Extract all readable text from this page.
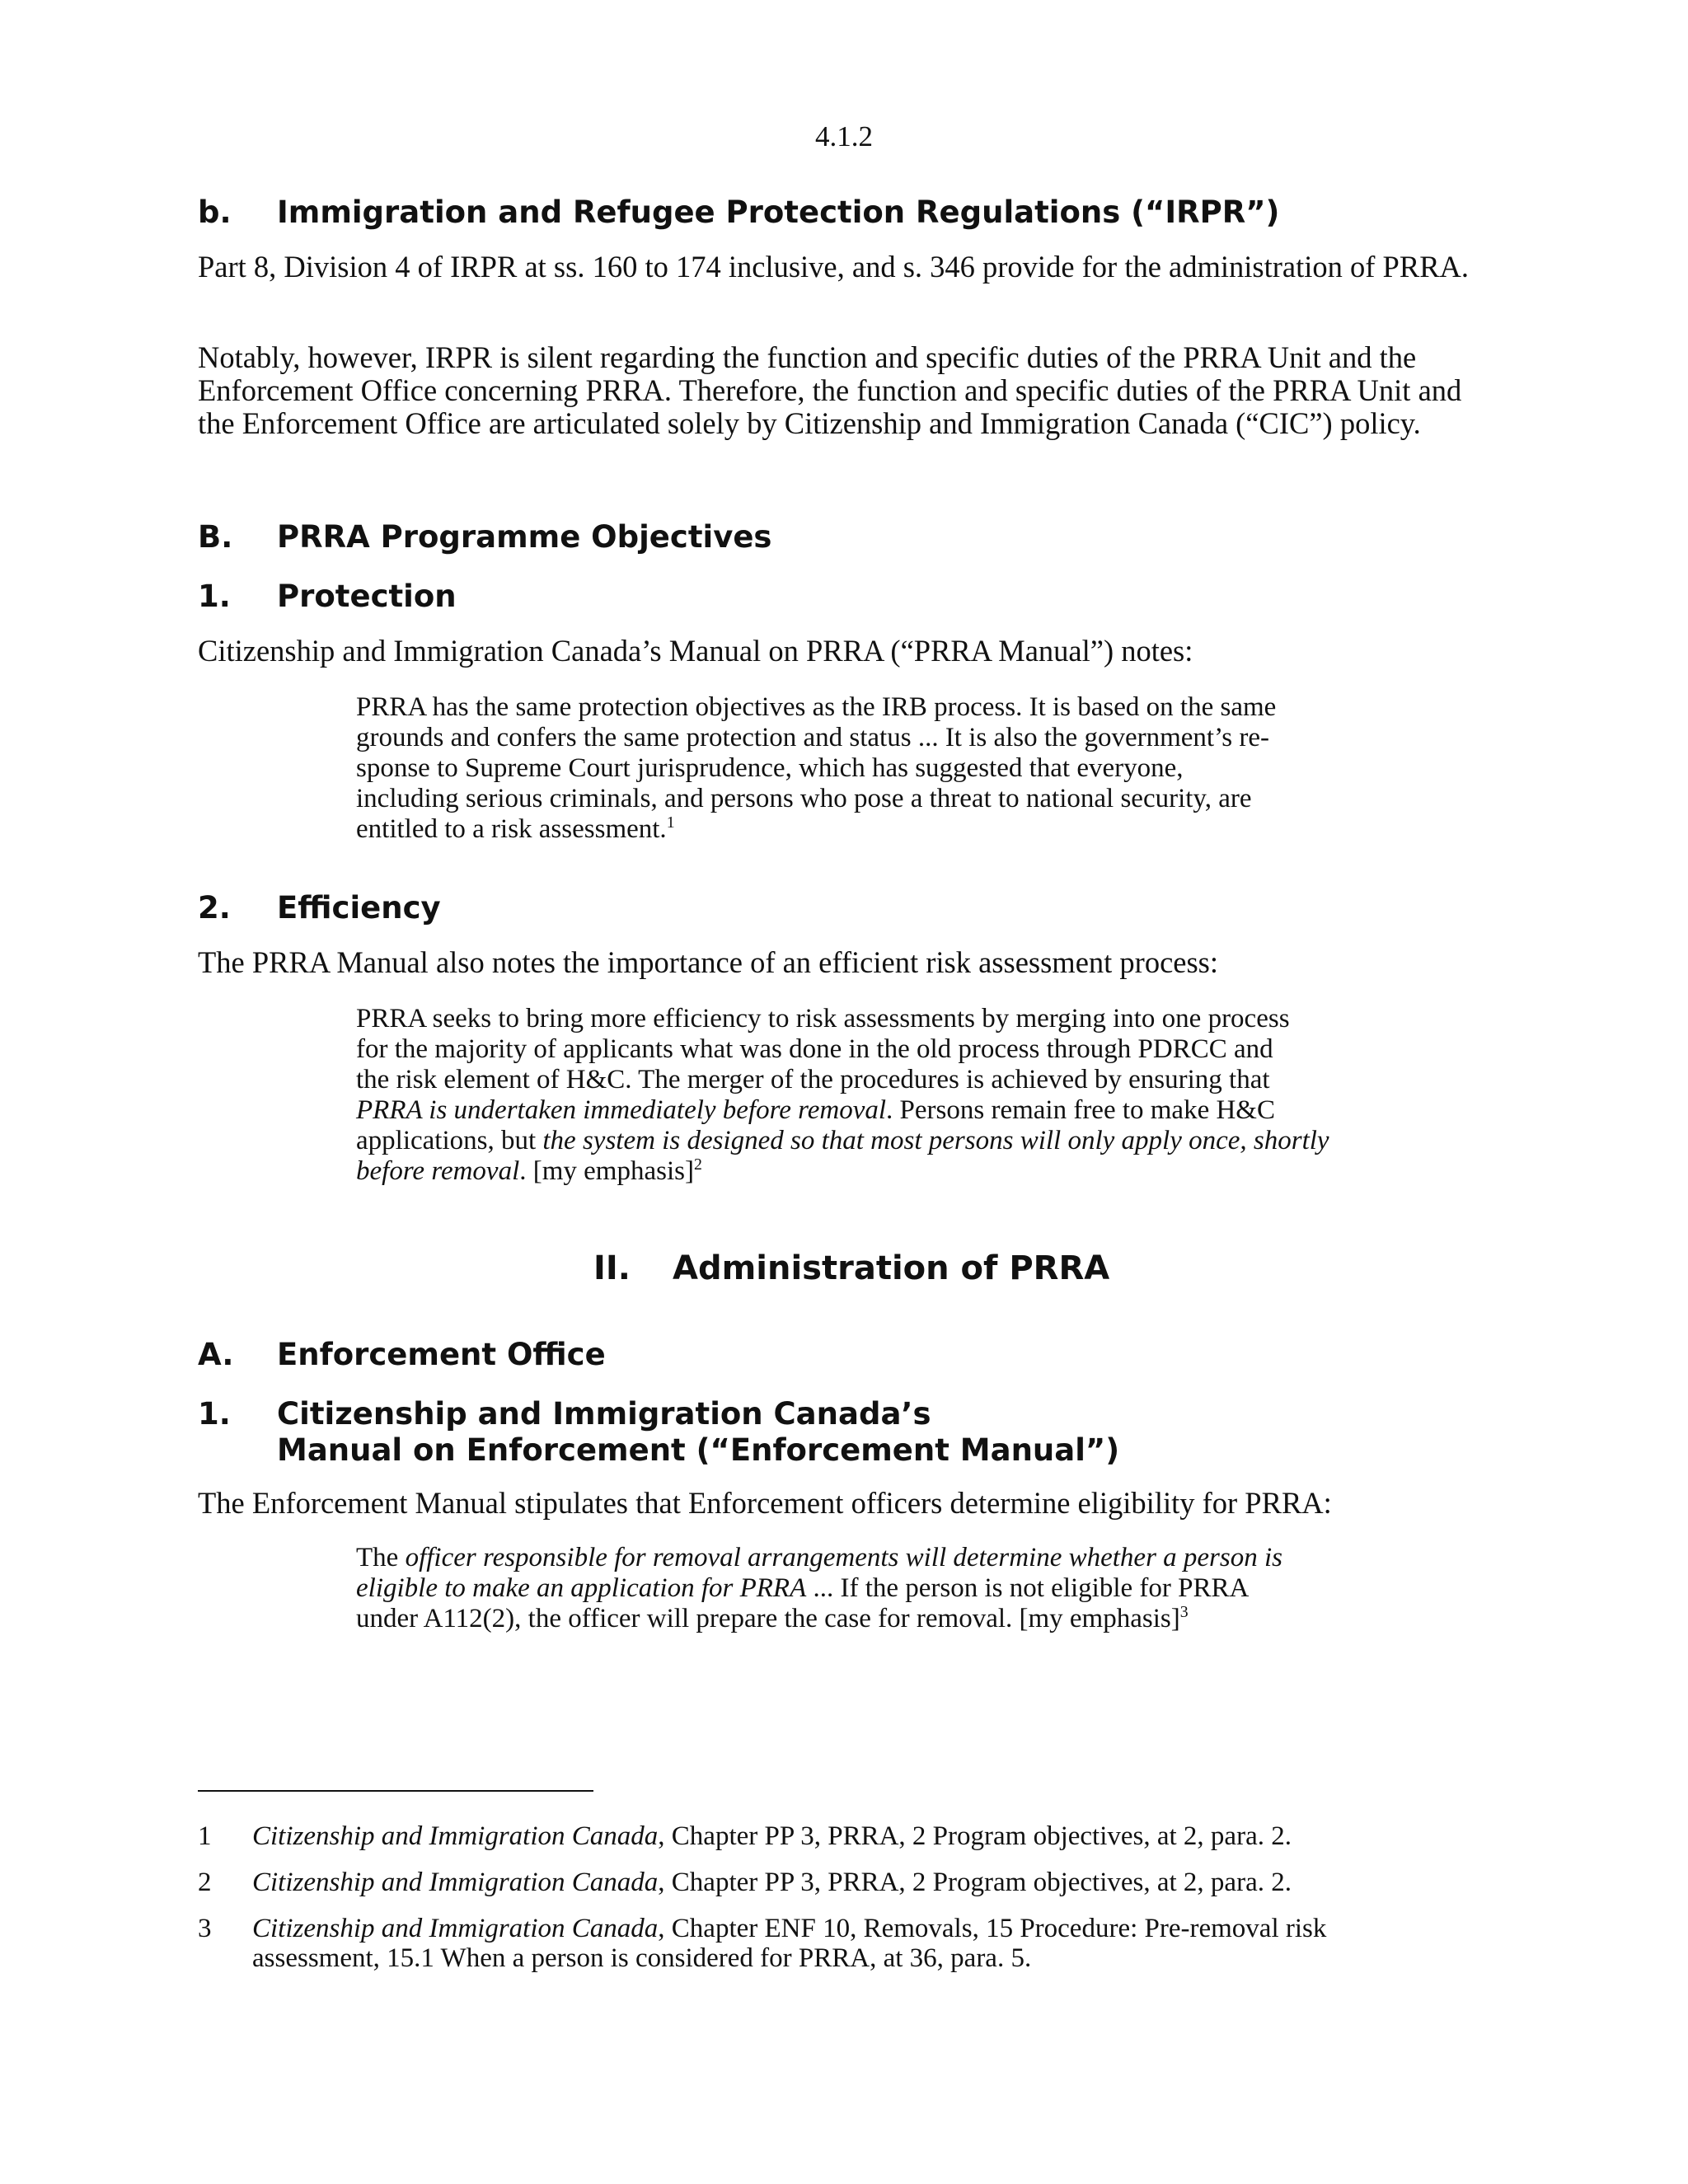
4.1.2
b. Immigration and Refugee Protection Regulations (“IRPR”)
Part 8, Division 4 of IRPR at ss. 160 to 174 inclusive, and s. 346 provide for the administration of PRRA.
Notably, however, IRPR is silent regarding the function and specific duties of the PRRA Unit and the Enforcement Office concerning PRRA. Therefore, the function and specific duties of the PRRA Unit and the Enforcement Office are articulated solely by Citizenship and Immigration Canada (“CIC”) policy.
B. PRRA Programme Objectives
1. Protection
Citizenship and Immigration Canada’s Manual on PRRA (“PRRA Manual”) notes:
PRRA has the same protection objectives as the IRB process. It is based on the same
grounds and confers the same protection and status ... It is also the government’s re-
sponse to Supreme Court jurisprudence, which has suggested that everyone,
including serious criminals, and persons who pose a threat to national security, are
entitled to a risk assessment.$^1$
2. Efficiency
The PRRA Manual also notes the importance of an efficient risk assessment process:
PRRA seeks to bring more efficiency to risk assessments by merging into one process
for the majority of applicants what was done in the old process through PDRCC and
the risk element of H&C. The merger of the procedures is achieved by ensuring that
PRRA is undertaken immediately before removal. Persons remain free to make H&C
applications, but the system is designed so that most persons will only apply once, shortly
before removal. [my emphasis]$^2$
II. Administration of PRRA
A. Enforcement Office
1. Citizenship and Immigration Canada’s
Manual on Enforcement (“Enforcement Manual”)
The Enforcement Manual stipulates that Enforcement officers determine eligibility for PRRA:
The officer responsible for removal arrangements will determine whether a person is
eligible to make an application for PRRA ... If the person is not eligible for PRRA
under A112(2), the officer will prepare the case for removal. [my emphasis]$^3$
1 Citizenship and Immigration Canada, Chapter PP 3, PRRA, 2 Program objectives, at 2, para. 2.
2 Citizenship and Immigration Canada, Chapter PP 3, PRRA, 2 Program objectives, at 2, para. 2.
3 Citizenship and Immigration Canada, Chapter ENF 10, Removals, 15 Procedure: Pre-removal risk
assessment, 15.1 When a person is considered for PRRA, at 36, para. 5.
